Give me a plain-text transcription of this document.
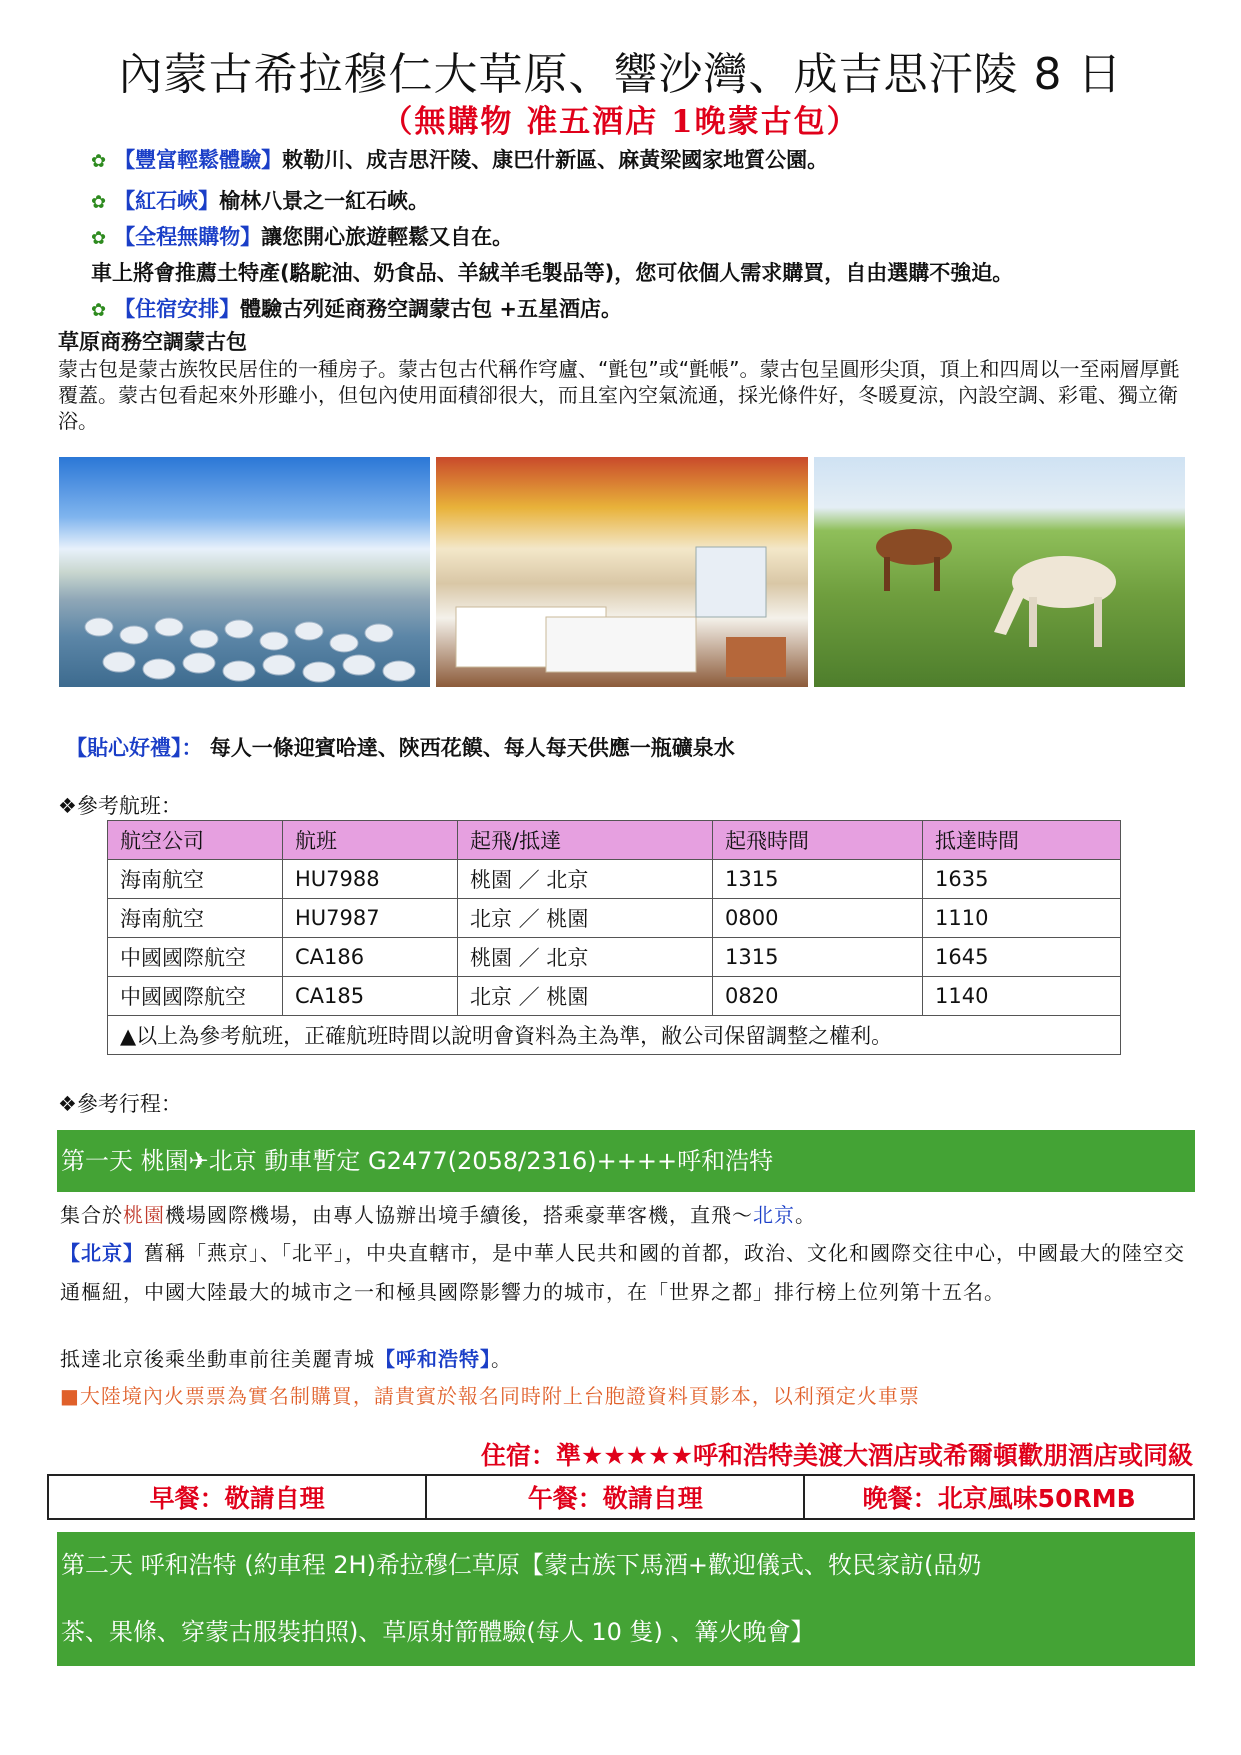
內蒙古希拉穆仁大草原、響沙灣、成吉思汗陵 8 日
（無購物 准五酒店 1晚蒙古包）
✿ 【豐富輕鬆體驗】敕勒川、成吉思汗陵、康巴什新區、麻黃梁國家地質公園。
✿ 【紅石峽】榆林八景之一紅石峽。
✿ 【全程無購物】讓您開心旅遊輕鬆又自在。
車上將會推薦土特產(駱駝油、奶食品、羊絨羊毛製品等)，您可依個人需求購買，自由選購不強迫。
✿ 【住宿安排】體驗古列延商務空調蒙古包 +五星酒店。
草原商務空調蒙古包
蒙古包是蒙古族牧民居住的一種房子。蒙古包古代稱作穹廬、“氈包”或“氈帳”。蒙古包呈圓形尖頂，頂上和四周以一至兩層厚氈覆蓋。蒙古包看起來外形雖小，但包內使用面積卻很大，而且室內空氣流通，採光條件好，冬暖夏涼，內設空調、彩電、獨立衛浴。
【貼心好禮】： 每人一條迎賓哈達、陝西花饃、每人每天供應一瓶礦泉水
❖參考航班：
航空公司	航班	起飛/抵達	起飛時間	抵達時間
海南航空	HU7988	桃園 ／ 北京	1315	1635
海南航空	HU7987	北京 ／ 桃園	0800	1110
中國國際航空	CA186	桃園 ／ 北京	1315	1645
中國國際航空	CA185	北京 ／ 桃園	0820	1140
▲以上為參考航班，正確航班時間以說明會資料為主為準，敝公司保留調整之權利。				
❖參考行程：
第一天 桃園✈北京 動車暫定 G2477(2058/2316)++++呼和浩特
集合於桃園機場國際機場，由專人協辦出境手續後，搭乘豪華客機，直飛～北京。
【北京】舊稱「燕京」、「北平」，中央直轄市，是中華人民共和國的首都，政治、文化和國際交往中心，中國最大的陸空交通樞紐，中國大陸最大的城市之一和極具國際影響力的城市，在「世界之都」排行榜上位列第十五名。
抵達北京後乘坐動車前往美麗青城【呼和浩特】。
■大陸境內火票票為實名制購買，請貴賓於報名同時附上台胞證資料頁影本，以利預定火車票
住宿：準★★★★★呼和浩特美渡大酒店或希爾頓歡朋酒店或同級
早餐：敬請自理	午餐：敬請自理	晚餐：北京風味50RMB
第二天 呼和浩特 (約車程 2H)希拉穆仁草原【蒙古族下馬酒+歡迎儀式、牧民家訪(品奶
茶、果條、穿蒙古服裝拍照)、草原射箭體驗(每人 10 隻) 、篝火晚會】
